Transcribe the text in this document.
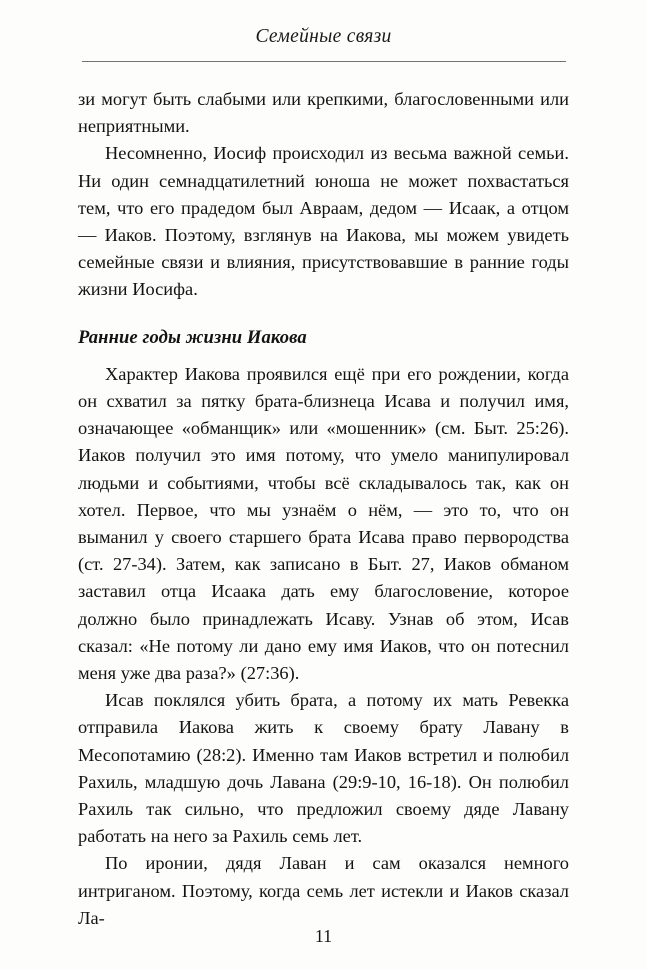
Семейные связи

зи могут быть слабыми или крепкими, благословенными или неприятными.

Несомненно, Иосиф происходил из весьма важной семьи. Ни один семнадцатилетний юноша не может похвастаться тем, что его прадедом был Авраам, дедом — Исаак, а отцом — Иаков. Поэтому, взглянув на Иакова, мы можем увидеть семейные связи и влияния, присутствовавшие в ранние годы жизни Иосифа.

Ранние годы жизни Иакова

Характер Иакова проявился ещё при его рождении, когда он схватил за пятку брата-близнеца Исава и получил имя, означающее «обманщик» или «мошенник» (см. Быт. 25:26). Иаков получил это имя потому, что умело манипулировал людьми и событиями, чтобы всё складывалось так, как он хотел. Первое, что мы узнаём о нём, — это то, что он выманил у своего старшего брата Исава право первородства (ст. 27-34). Затем, как записано в Быт. 27, Иаков обманом заставил отца Исаака дать ему благословение, которое должно было принадлежать Исаву. Узнав об этом, Исав сказал: «Не потому ли дано ему имя Иаков, что он потеснил меня уже два раза?» (27:36).

Исав поклялся убить брата, а потому их мать Ревекка отправила Иакова жить к своему брату Лавану в Месопотамию (28:2). Именно там Иаков встретил и полюбил Рахиль, младшую дочь Лавана (29:9-10, 16-18). Он полюбил Рахиль так сильно, что предложил своему дяде Лавану работать на него за Рахиль семь лет.

По иронии, дядя Лаван и сам оказался немного интриганом. Поэтому, когда семь лет истекли и Иаков сказал Ла-

11
